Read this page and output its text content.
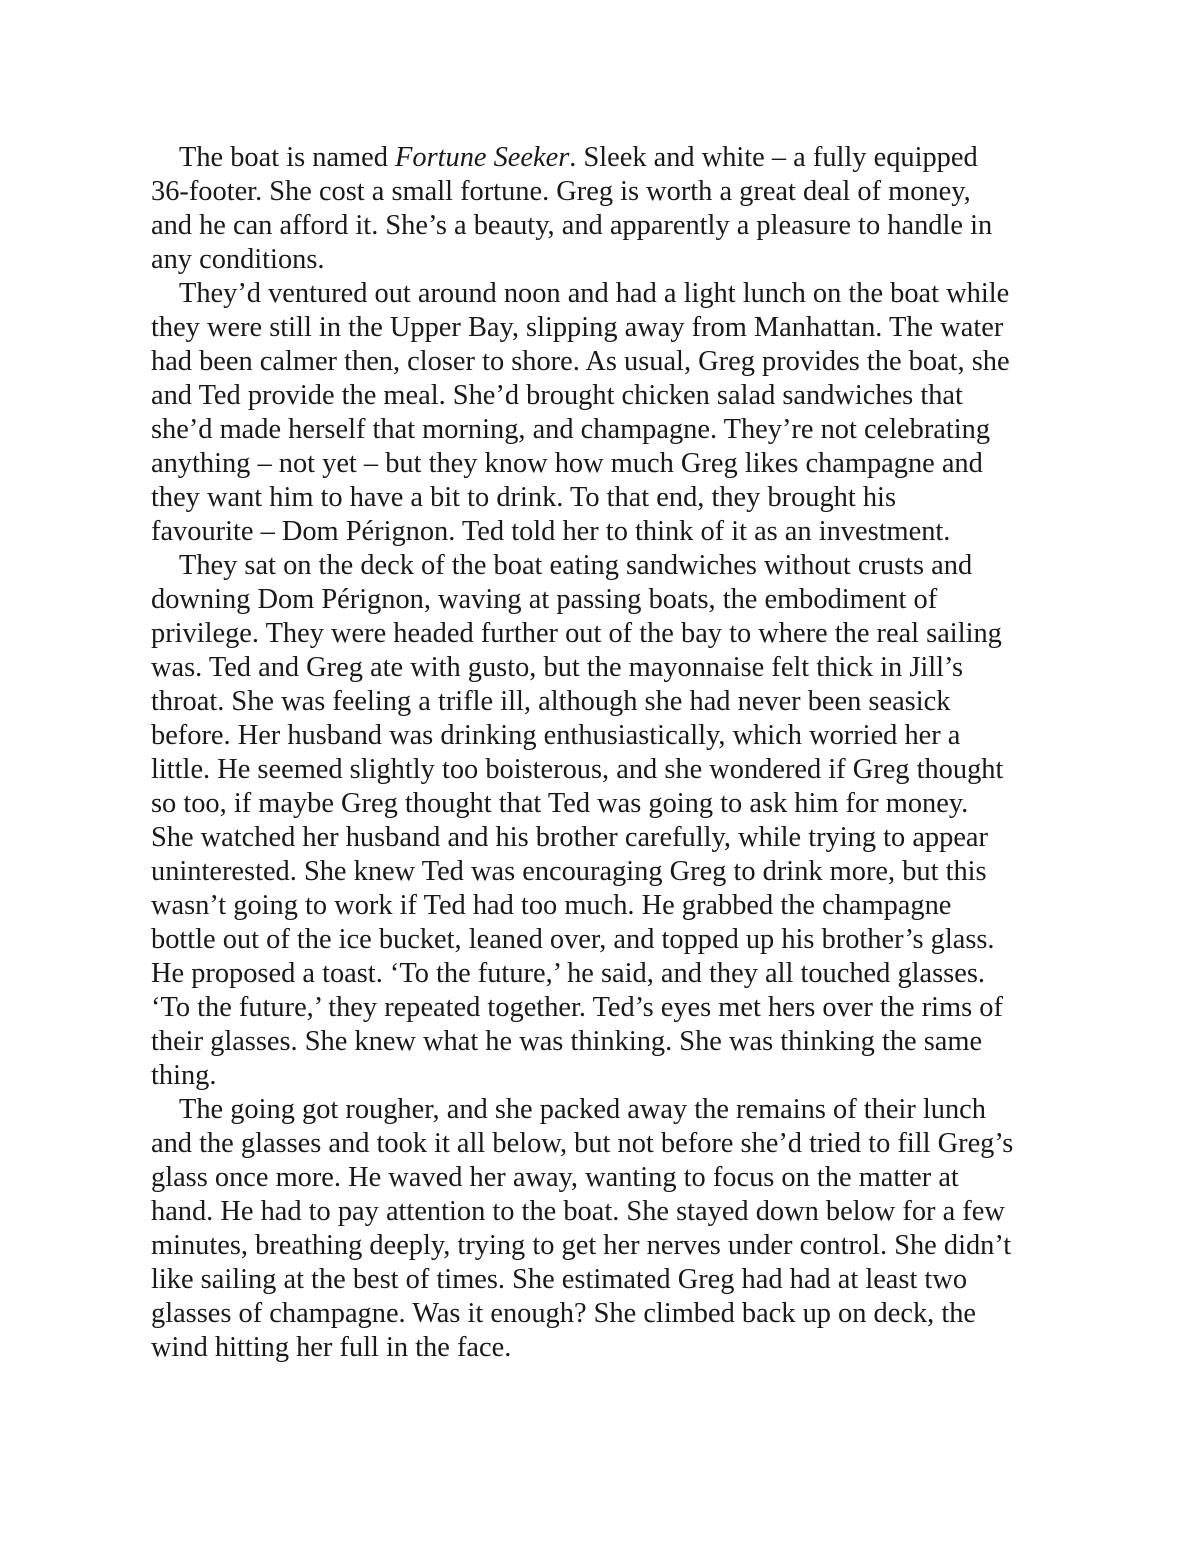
The boat is named Fortune Seeker. Sleek and white – a fully equipped
36-footer. She cost a small fortune. Greg is worth a great deal of money,
and he can afford it. She’s a beauty, and apparently a pleasure to handle in
any conditions.
They’d ventured out around noon and had a light lunch on the boat while
they were still in the Upper Bay, slipping away from Manhattan. The water
had been calmer then, closer to shore. As usual, Greg provides the boat, she
and Ted provide the meal. She’d brought chicken salad sandwiches that
she’d made herself that morning, and champagne. They’re not celebrating
anything – not yet – but they know how much Greg likes champagne and
they want him to have a bit to drink. To that end, they brought his
favourite – Dom Pérignon. Ted told her to think of it as an investment.
They sat on the deck of the boat eating sandwiches without crusts and
downing Dom Pérignon, waving at passing boats, the embodiment of
privilege. They were headed further out of the bay to where the real sailing
was. Ted and Greg ate with gusto, but the mayonnaise felt thick in Jill’s
throat. She was feeling a trifle ill, although she had never been seasick
before. Her husband was drinking enthusiastically, which worried her a
little. He seemed slightly too boisterous, and she wondered if Greg thought
so too, if maybe Greg thought that Ted was going to ask him for money.
She watched her husband and his brother carefully, while trying to appear
uninterested. She knew Ted was encouraging Greg to drink more, but this
wasn’t going to work if Ted had too much. He grabbed the champagne
bottle out of the ice bucket, leaned over, and topped up his brother’s glass.
He proposed a toast. ‘To the future,’ he said, and they all touched glasses.
‘To the future,’ they repeated together. Ted’s eyes met hers over the rims of
their glasses. She knew what he was thinking. She was thinking the same
thing.
The going got rougher, and she packed away the remains of their lunch
and the glasses and took it all below, but not before she’d tried to fill Greg’s
glass once more. He waved her away, wanting to focus on the matter at
hand. He had to pay attention to the boat. She stayed down below for a few
minutes, breathing deeply, trying to get her nerves under control. She didn’t
like sailing at the best of times. She estimated Greg had had at least two
glasses of champagne. Was it enough? She climbed back up on deck, the
wind hitting her full in the face.
